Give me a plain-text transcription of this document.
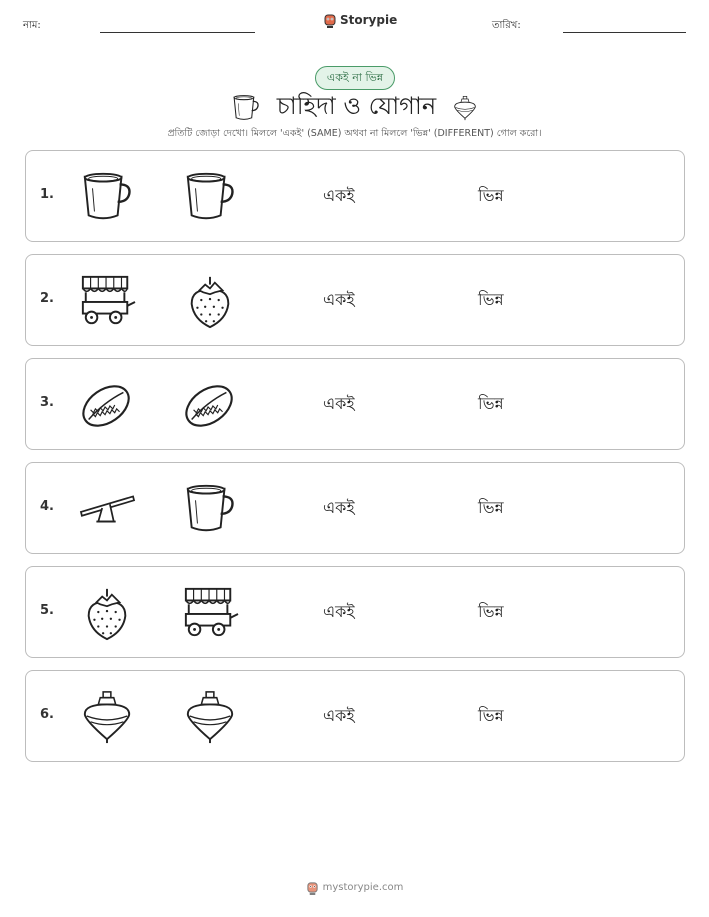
নাম:	Storypie	তারিখ:
একই না ভিন্ন
চাহিদা ও যোগান
প্রতিটি জোড়া দেখো। মিললে 'একই' (SAME) অথবা না মিললে 'ভিন্ন' (DIFFERENT) গোল করো।
1.	একই	ভিন্ন
2.	একই	ভিন্ন
3.	একই	ভিন্ন
4.	একই	ভিন্ন
5.	একই	ভিন্ন
6.	একই	ভিন্ন
mystorypie.com
